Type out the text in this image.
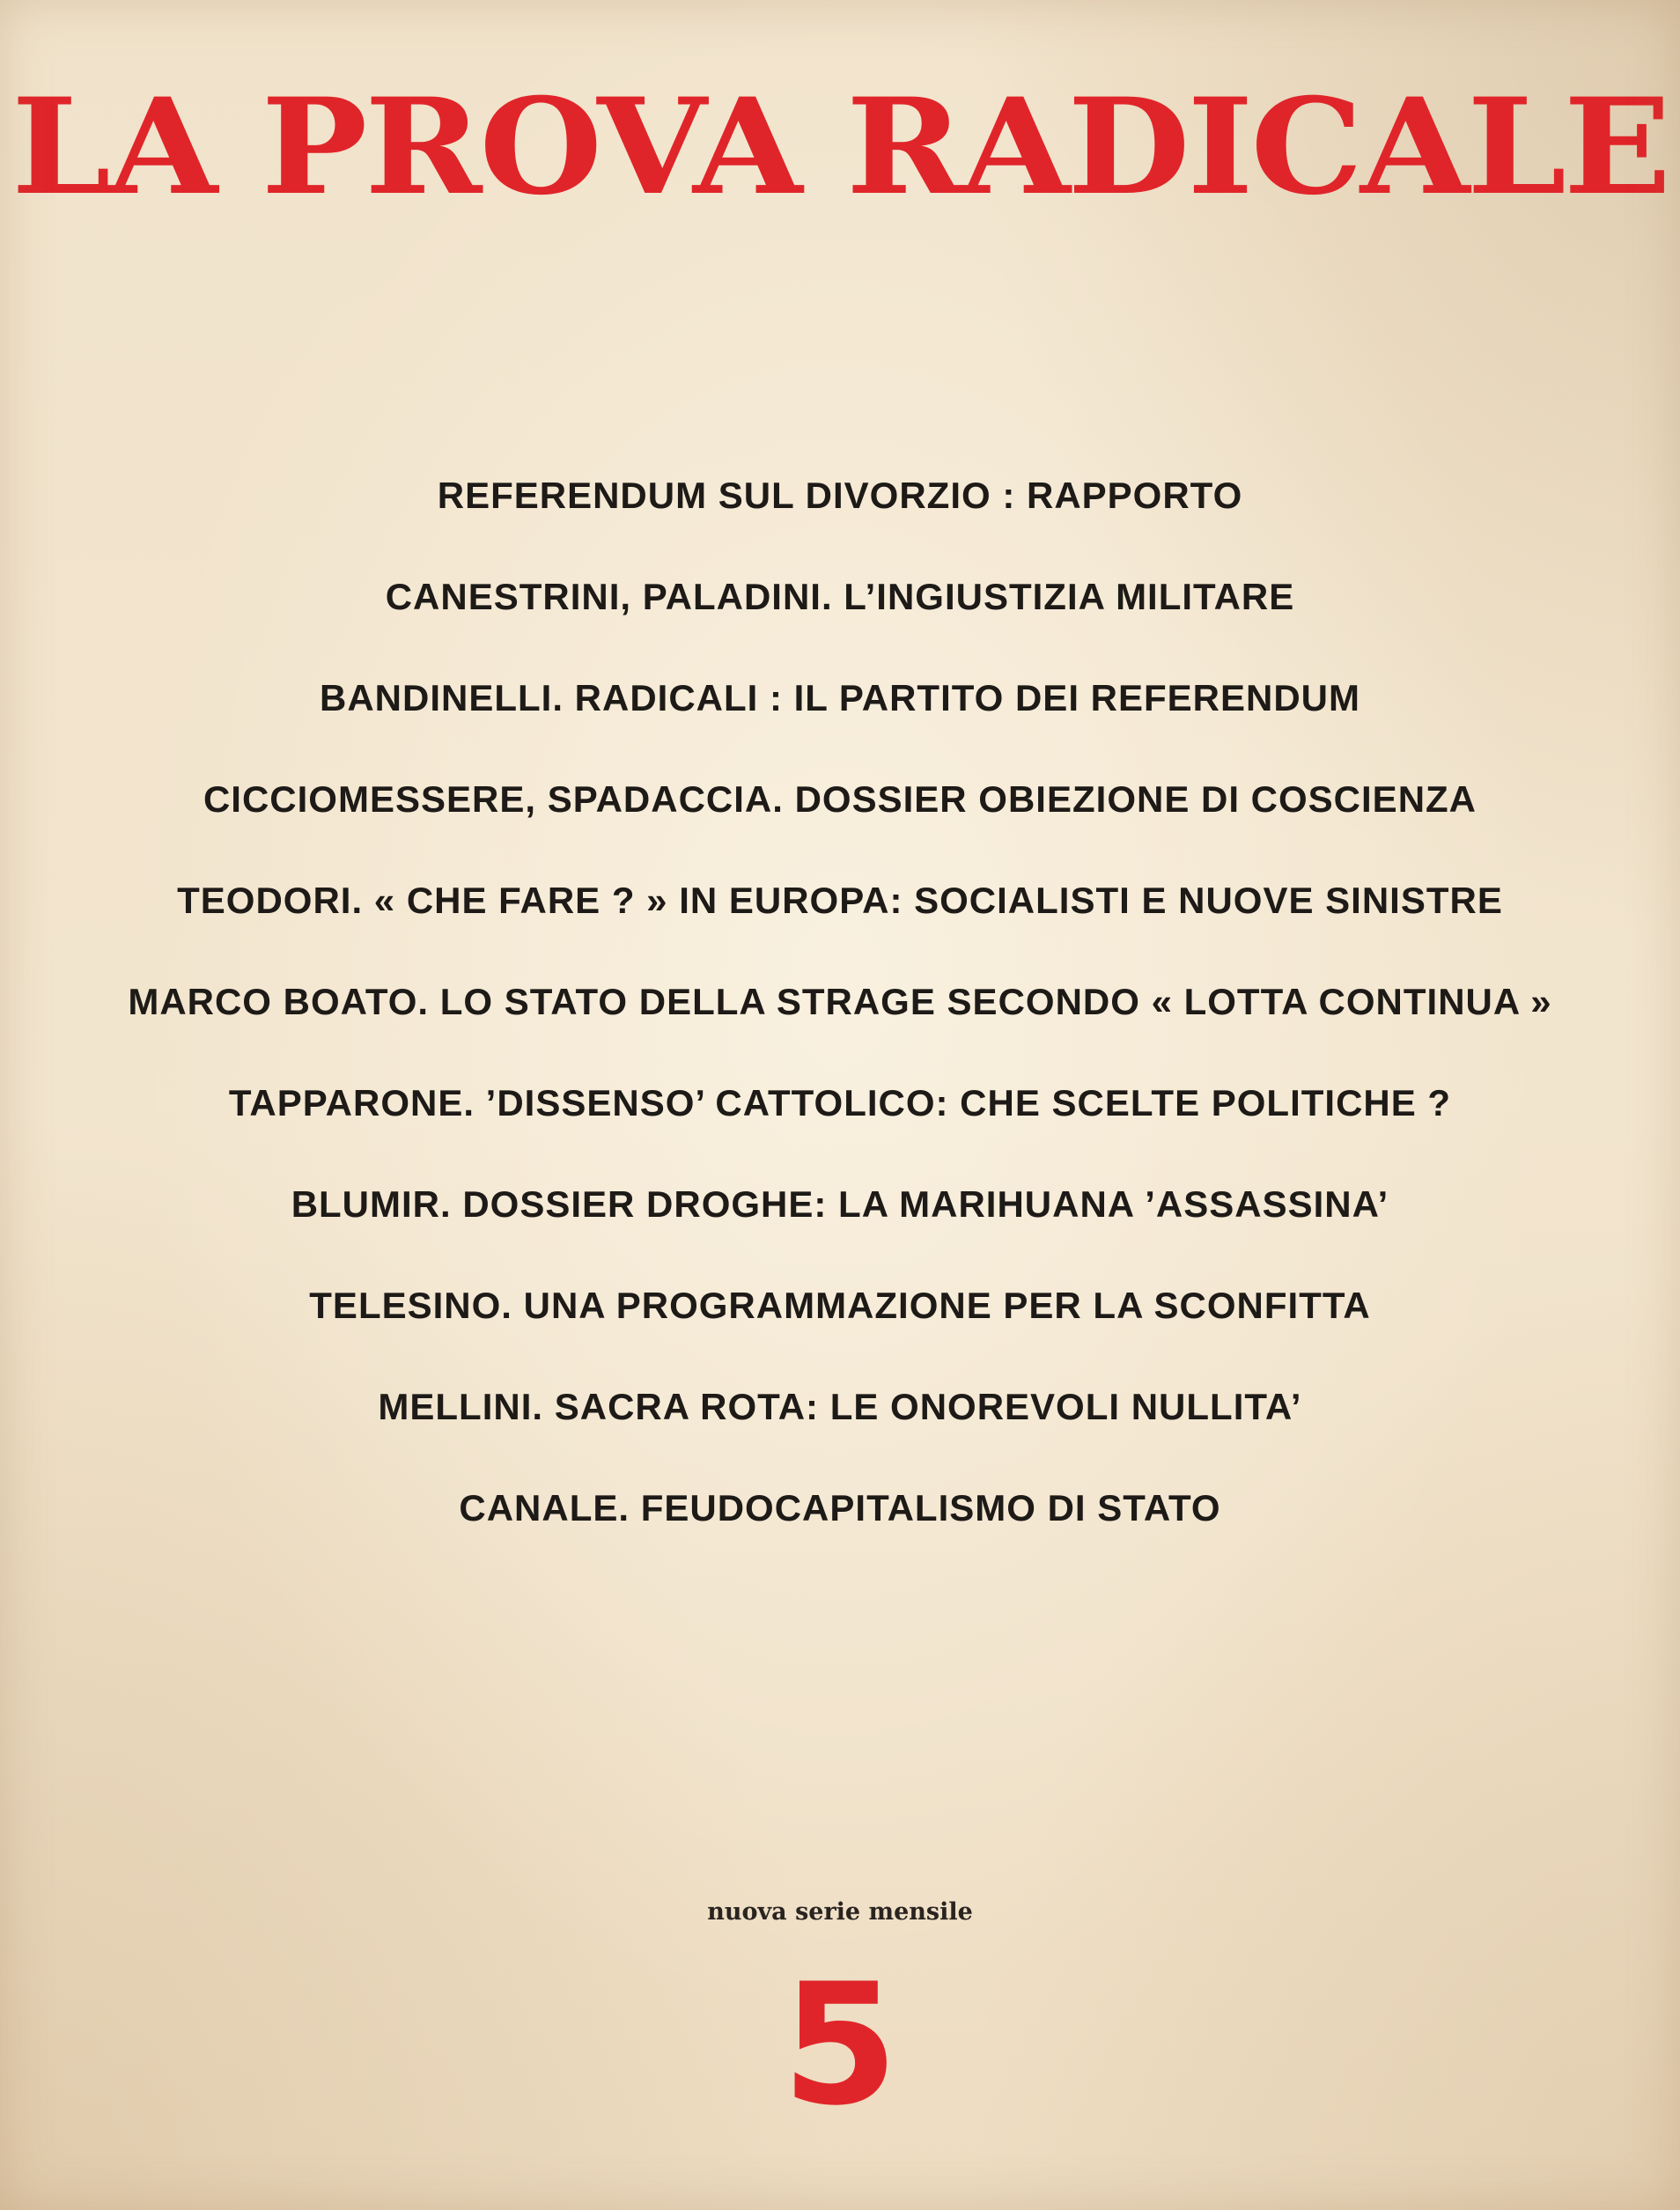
LA PROVA RADICALE
REFERENDUM SUL DIVORZIO : RAPPORTO
CANESTRINI, PALADINI. L’INGIUSTIZIA MILITARE
BANDINELLI. RADICALI : IL PARTITO DEI REFERENDUM
CICCIOMESSERE, SPADACCIA. DOSSIER OBIEZIONE DI COSCIENZA
TEODORI. « CHE FARE ? » IN EUROPA: SOCIALISTI E NUOVE SINISTRE
MARCO BOATO. LO STATO DELLA STRAGE SECONDO « LOTTA CONTINUA »
TAPPARONE. ’DISSENSO’ CATTOLICO: CHE SCELTE POLITICHE ?
BLUMIR. DOSSIER DROGHE: LA MARIHUANA ’ASSASSINA’
TELESINO. UNA PROGRAMMAZIONE PER LA SCONFITTA
MELLINI. SACRA ROTA: LE ONOREVOLI NULLITA’
CANALE. FEUDOCAPITALISMO DI STATO
nuova serie mensile
5
